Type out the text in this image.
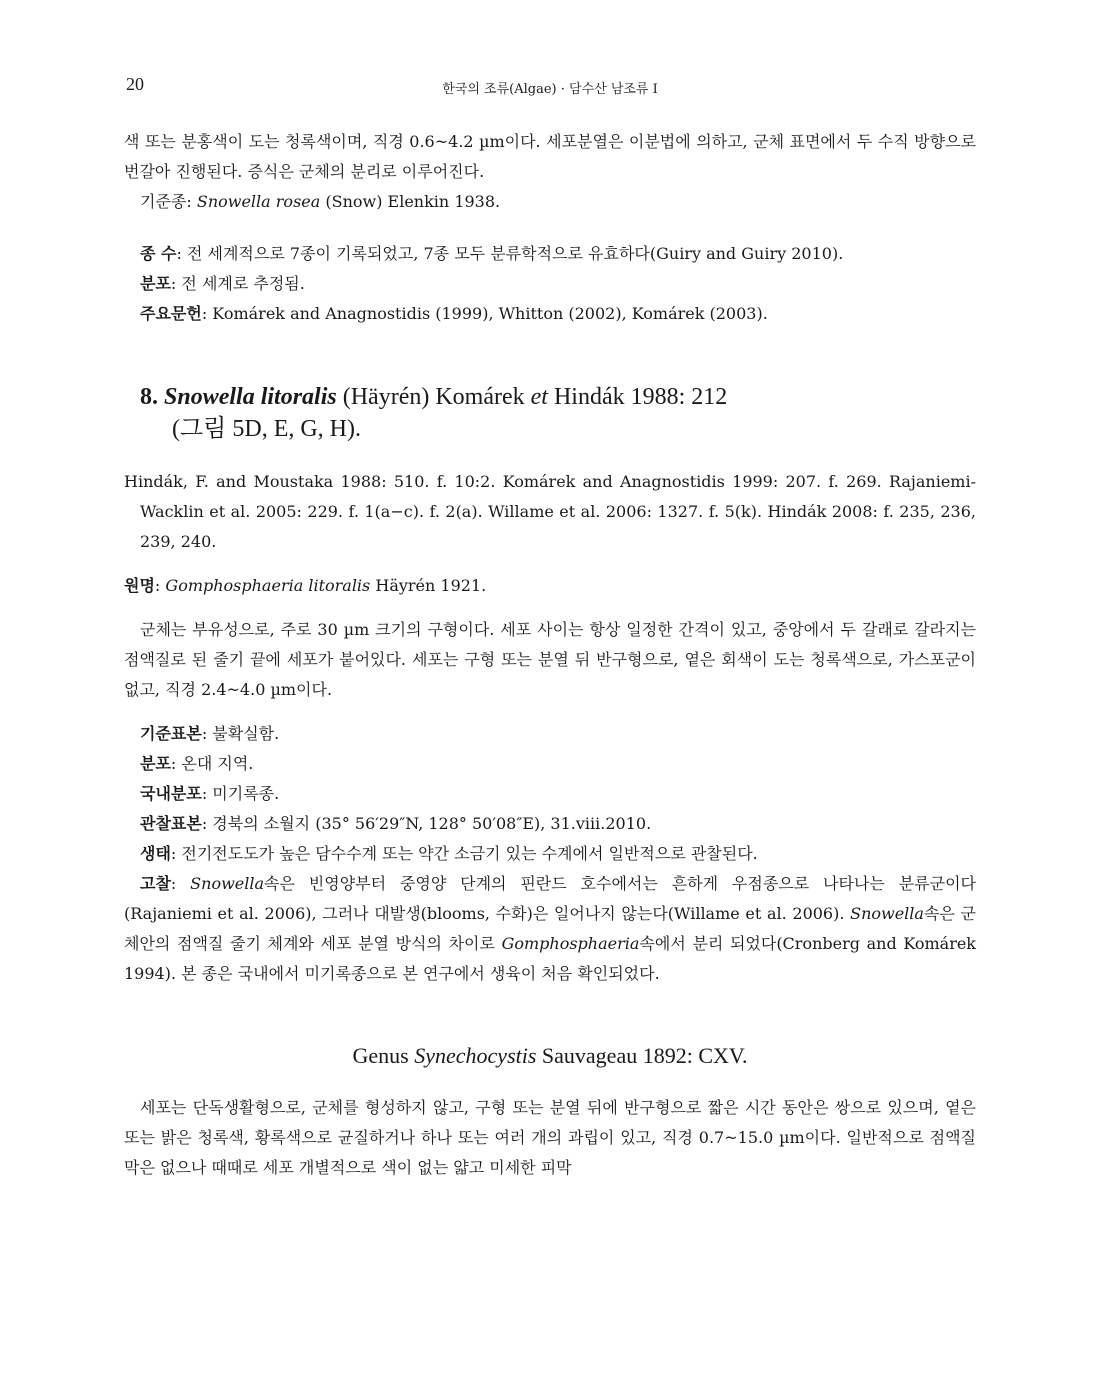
20	한국의 조류(Algae) · 담수산 남조류 I

색 또는 분홍색이 도는 청록색이며, 직경 0.6~4.2 µm이다. 세포분열은 이분법에 의하고, 군체 표면에서 두 수직 방향으로 번갈아 진행된다. 증식은 군체의 분리로 이루어진다.

기준종: Snowella rosea (Snow) Elenkin 1938.

종 수: 전 세계적으로 7종이 기록되었고, 7종 모두 분류학적으로 유효하다(Guiry and Guiry 2010).

분포: 전 세계로 추정됨.

주요문헌: Komárek and Anagnostidis (1999), Whitton (2002), Komárek (2003).

8. Snowella litoralis (Häyrén) Komárek et Hindák 1988: 212
(그림 5D, E, G, H).

Hindák, F. and Moustaka 1988: 510. f. 10:2. Komárek and Anagnostidis 1999: 207. f. 269. Rajaniemi-Wacklin et al. 2005: 229. f. 1(a−c). f. 2(a). Willame et al. 2006: 1327. f. 5(k). Hindák 2008: f. 235, 236, 239, 240.

원명: Gomphosphaeria litoralis Häyrén 1921.

군체는 부유성으로, 주로 30 µm 크기의 구형이다. 세포 사이는 항상 일정한 간격이 있고, 중앙에서 두 갈래로 갈라지는 점액질로 된 줄기 끝에 세포가 붙어있다. 세포는 구형 또는 분열 뒤 반구형으로, 옅은 회색이 도는 청록색으로, 가스포군이 없고, 직경 2.4~4.0 µm이다.

기준표본: 불확실함.

분포: 온대 지역.

국내분포: 미기록종.

관찰표본: 경북의 소월지 (35° 56′29″N, 128° 50′08″E), 31.viii.2010.

생태: 전기전도도가 높은 담수수계 또는 약간 소금기 있는 수계에서 일반적으로 관찰된다.

고찰: Snowella속은 빈영양부터 중영양 단계의 핀란드 호수에서는 흔하게 우점종으로 나타나는 분류군이다(Rajaniemi et al. 2006), 그러나 대발생(blooms, 수화)은 일어나지 않는다(Willame et al. 2006). Snowella속은 군체안의 점액질 줄기 체계와 세포 분열 방식의 차이로 Gomphosphaeria속에서 분리 되었다(Cronberg and Komárek 1994). 본 종은 국내에서 미기록종으로 본 연구에서 생육이 처음 확인되었다.

Genus Synechocystis Sauvageau 1892: CXV.

세포는 단독생활형으로, 군체를 형성하지 않고, 구형 또는 분열 뒤에 반구형으로 짧은 시간 동안은 쌍으로 있으며, 옅은 또는 밝은 청록색, 황록색으로 균질하거나 하나 또는 여러 개의 과립이 있고, 직경 0.7~15.0 µm이다. 일반적으로 점액질 막은 없으나 때때로 세포 개별적으로 색이 없는 얇고 미세한 피막
